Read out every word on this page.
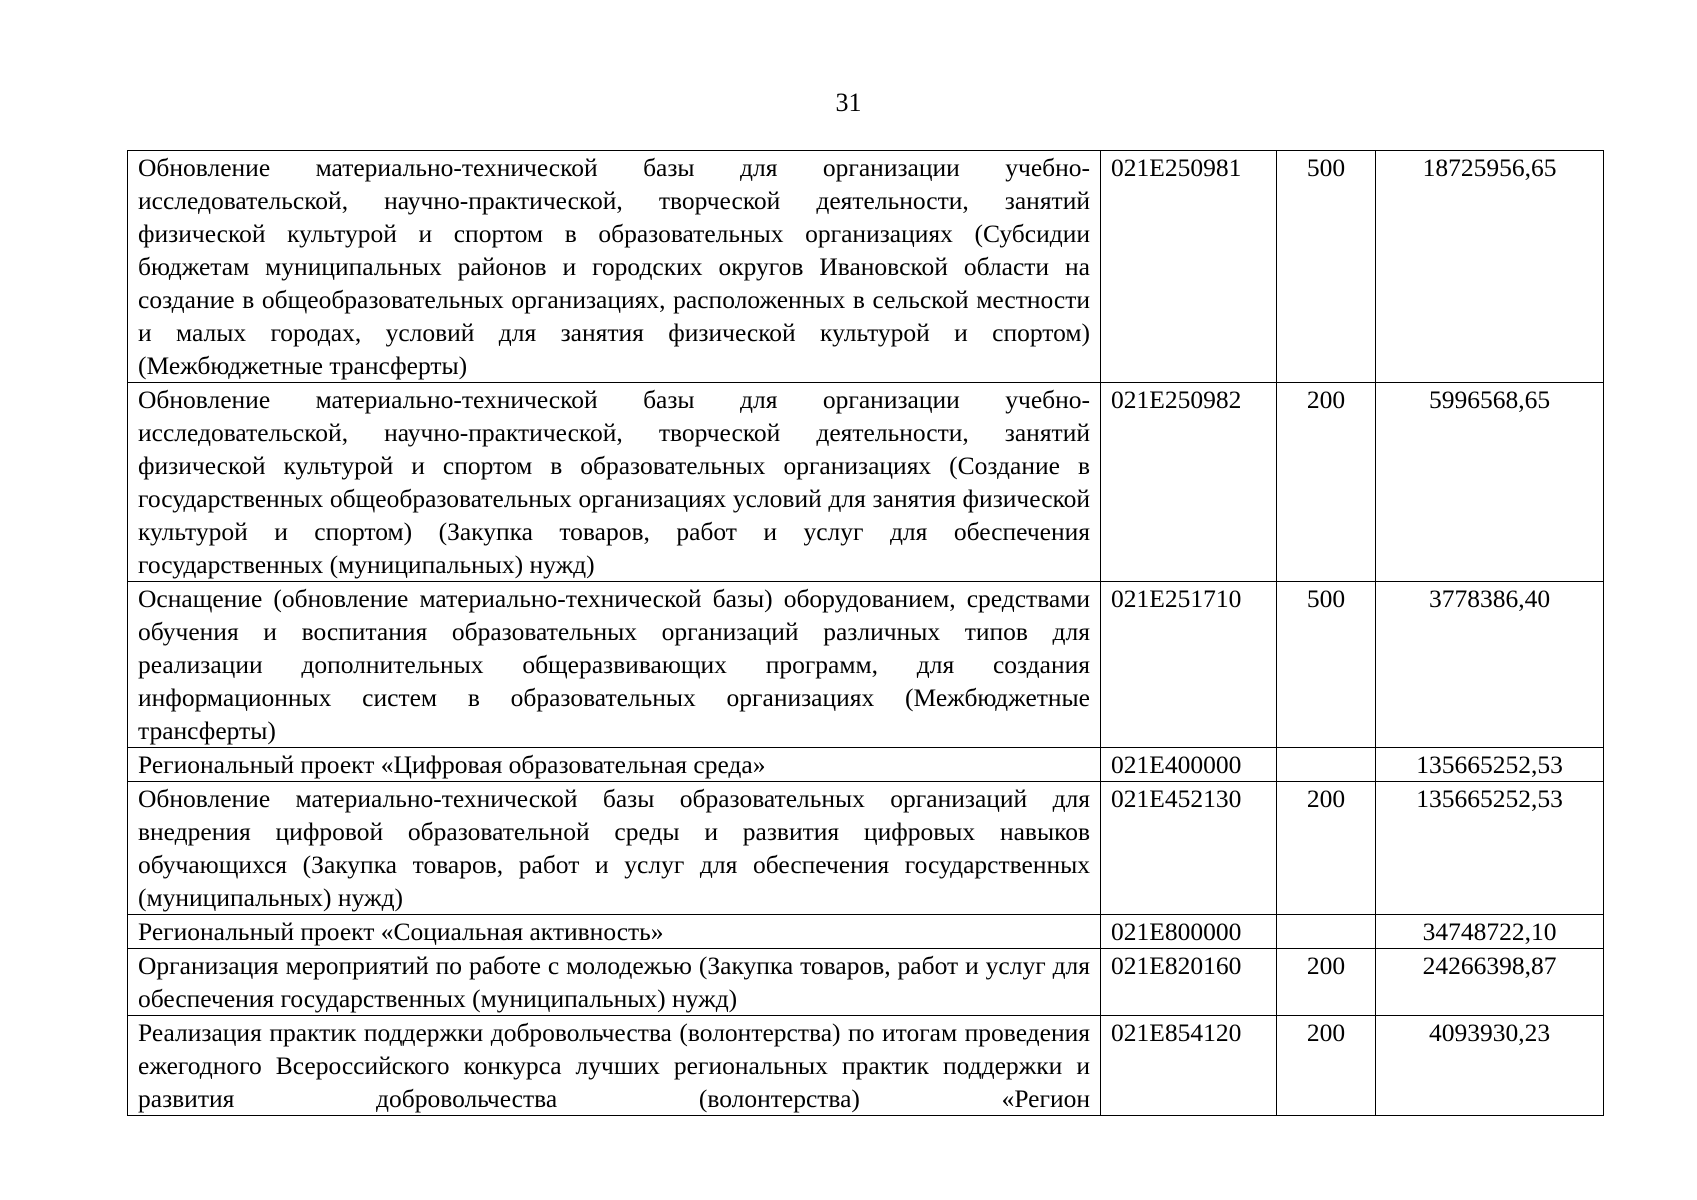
31
Обновление материально-технической базы для организации учебно-исследовательской, научно-практической, творческой деятельности, занятий физической культурой и спортом в образовательных организациях (Субсидии бюджетам муниципальных районов и городских округов Ивановской области на создание в общеобразовательных организациях, расположенных в сельской местности и малых городах, условий для занятия физической культурой и спортом) (Межбюджетные трансферты)	021E250981	500	18725956,65
Обновление материально-технической базы для организации учебно-исследовательской, научно-практической, творческой деятельности, занятий физической культурой и спортом в образовательных организациях (Создание в государственных общеобразовательных организациях условий для занятия физической культурой и спортом) (Закупка товаров, работ и услуг для обеспечения государственных (муниципальных) нужд)	021E250982	200	5996568,65
Оснащение (обновление материально-технической базы) оборудованием, средствами обучения и воспитания образовательных организаций различных типов для реализации дополнительных общеразвивающих программ, для создания информационных систем в образовательных организациях (Межбюджетные трансферты)	021E251710	500	3778386,40
Региональный проект «Цифровая образовательная среда»	021E400000		135665252,53
Обновление материально-технической базы образовательных организаций для внедрения цифровой образовательной среды и развития цифровых навыков обучающихся (Закупка товаров, работ и услуг для обеспечения государственных (муниципальных) нужд)	021E452130	200	135665252,53
Региональный проект «Социальная активность»	021E800000		34748722,10
Организация мероприятий по работе с молодежью (Закупка товаров, работ и услуг для обеспечения государственных (муниципальных) нужд)	021E820160	200	24266398,87
Реализация практик поддержки добровольчества (волонтерства) по итогам проведения ежегодного Всероссийского конкурса лучших региональных практик поддержки и развития добровольчества (волонтерства) «Регион	021E854120	200	4093930,23
